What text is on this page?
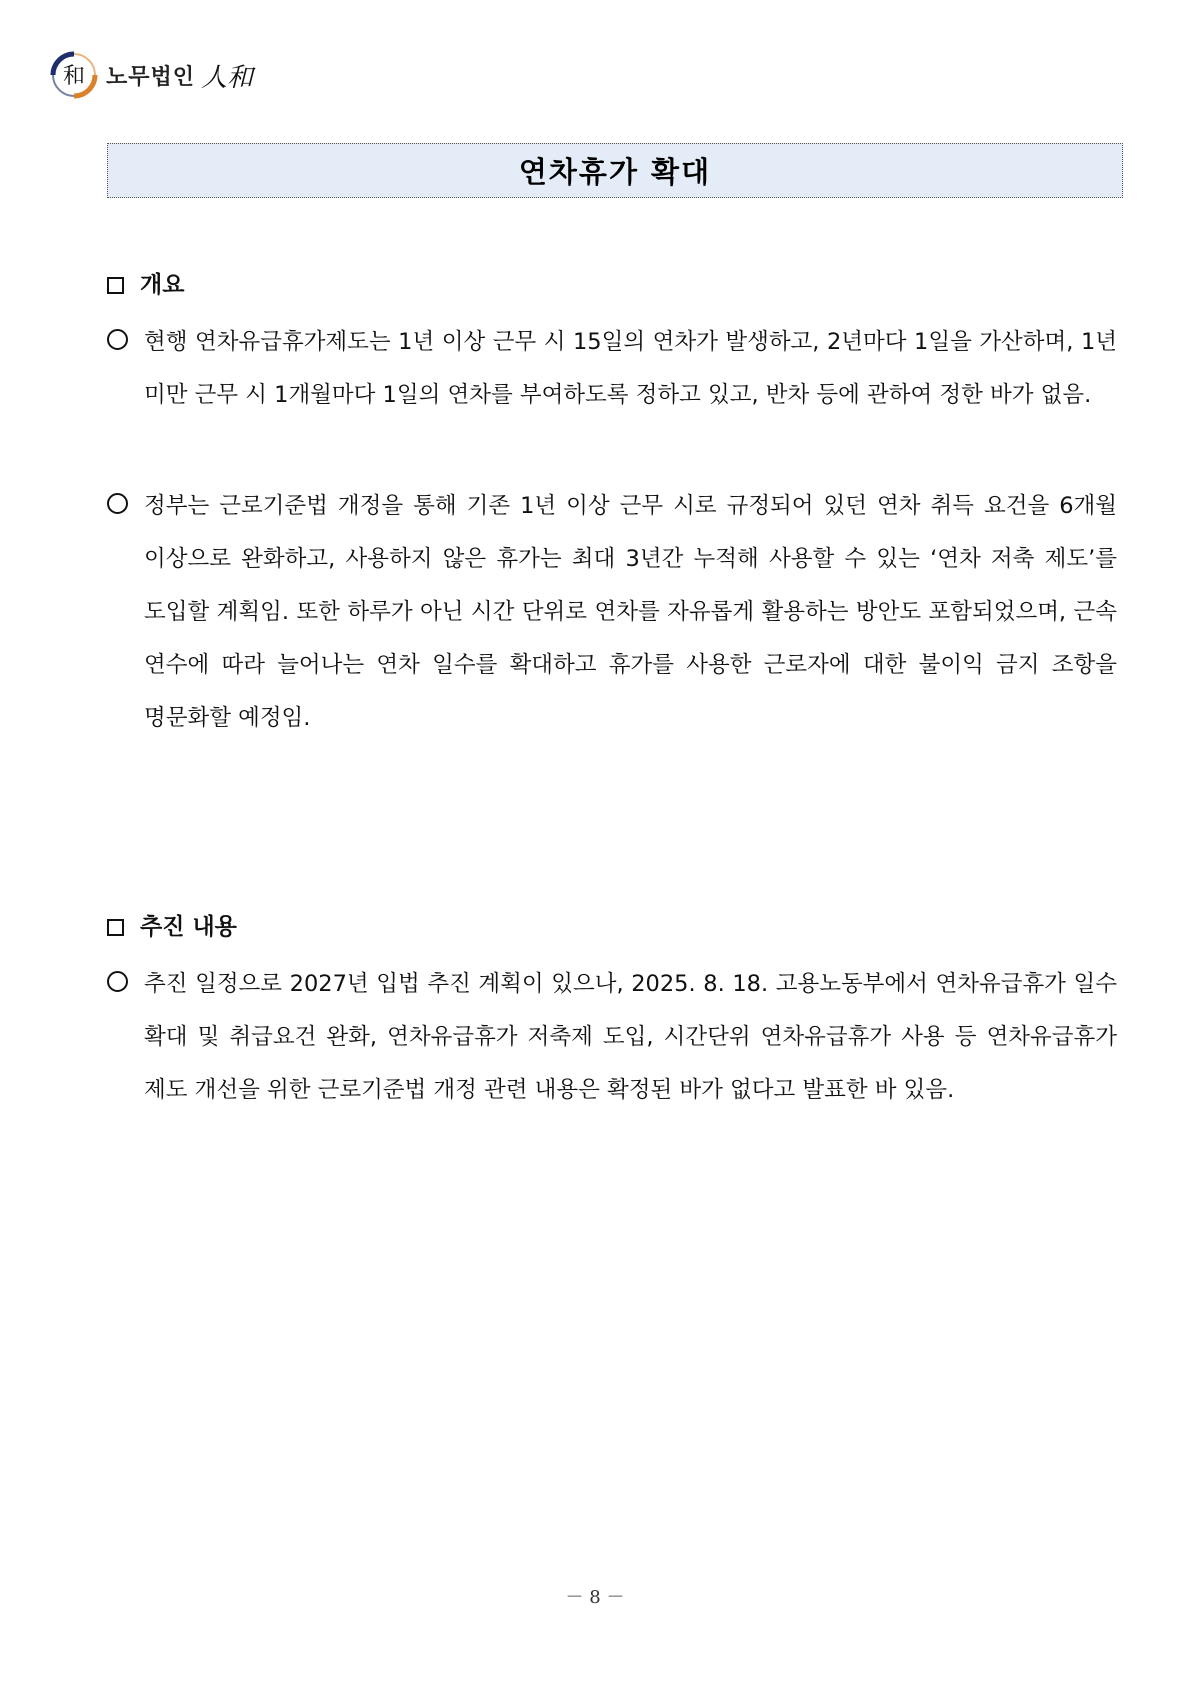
和 노무법인 人和
연차휴가 확대
개요
현행 연차유급휴가제도는 1년 이상 근무 시 15일의 연차가 발생하고, 2년마다 1일을 가산하며, 1년 미만 근무 시 1개월마다 1일의 연차를 부여하도록 정하고 있고, 반차 등에 관하여 정한 바가 없음.
정부는 근로기준법 개정을 통해 기존 1년 이상 근무 시로 규정되어 있던 연차 취득 요건을 6개월 이상으로 완화하고, 사용하지 않은 휴가는 최대 3년간 누적해 사용할 수 있는 ‘연차 저축 제도’를 도입할 계획임. 또한 하루가 아닌 시간 단위로 연차를 자유롭게 활용하는 방안도 포함되었으며, 근속 연수에 따라 늘어나는 연차 일수를 확대하고 휴가를 사용한 근로자에 대한 불이익 금지 조항을 명문화할 예정임.
추진 내용
추진 일정으로 2027년 입법 추진 계획이 있으나, 2025. 8. 18. 고용노동부에서 연차유급휴가 일수 확대 및 취급요건 완화, 연차유급휴가 저축제 도입, 시간단위 연차유급휴가 사용 등 연차유급휴가 제도 개선을 위한 근로기준법 개정 관련 내용은 확정된 바가 없다고 발표한 바 있음.
－ 8 －
